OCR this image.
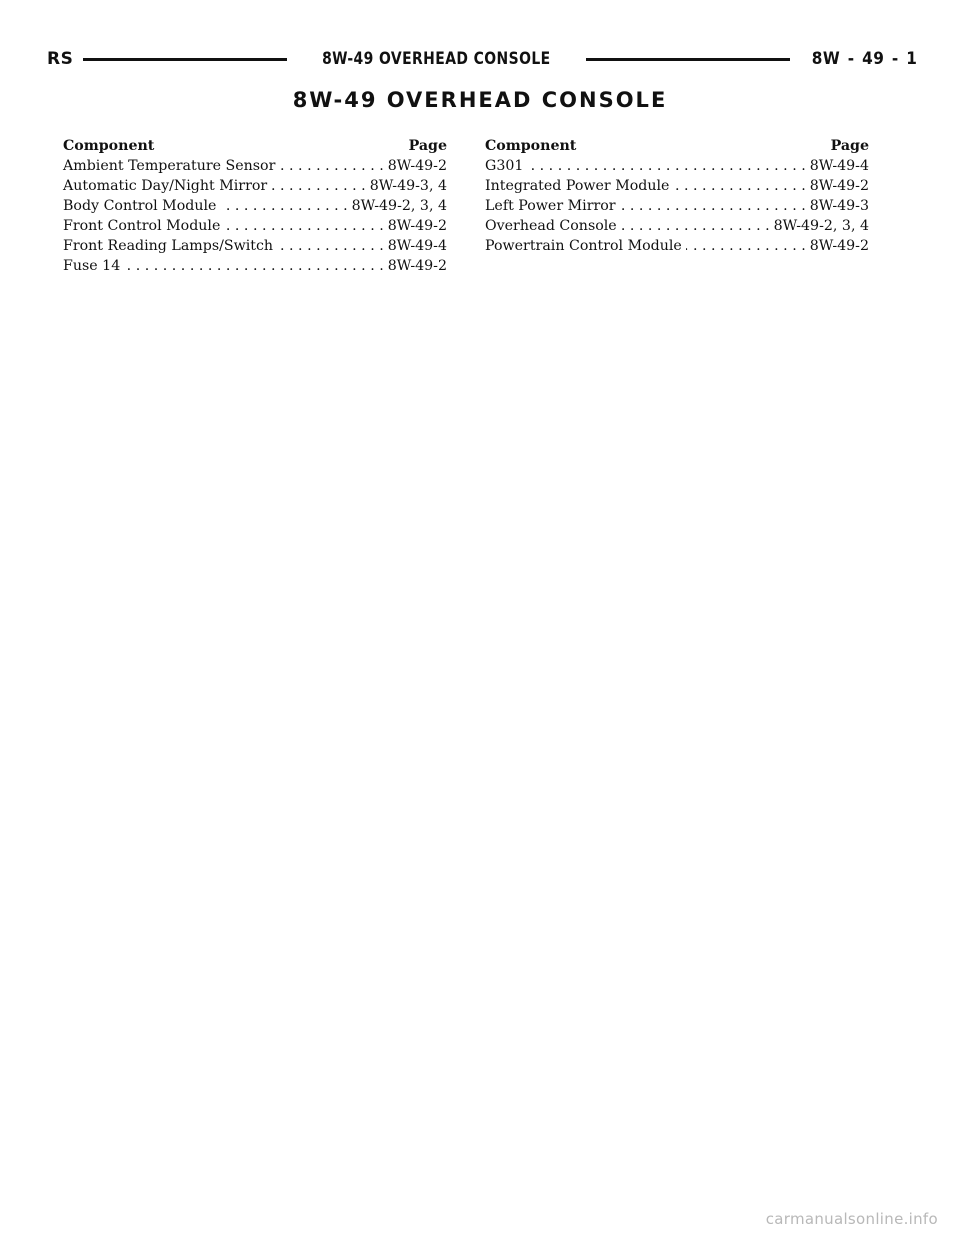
RS	8W-49 OVERHEAD CONSOLE	8W - 49 - 1
8W-49 OVERHEAD CONSOLE
Component	Page
Ambient Temperature Sensor . . .	8W-49-2
Automatic Day/Night Mirror . . .	8W-49-3, 4
Body Control Module . . .	8W-49-2, 3, 4
Front Control Module . . .	8W-49-2
Front Reading Lamps/Switch . . .	8W-49-4
Fuse 14 . . .	8W-49-2
Component	Page
G301 . . .	8W-49-4
Integrated Power Module . . .	8W-49-2
Left Power Mirror . . .	8W-49-3
Overhead Console . . .	8W-49-2, 3, 4
Powertrain Control Module . . .	8W-49-2
carmanualsonline.info
